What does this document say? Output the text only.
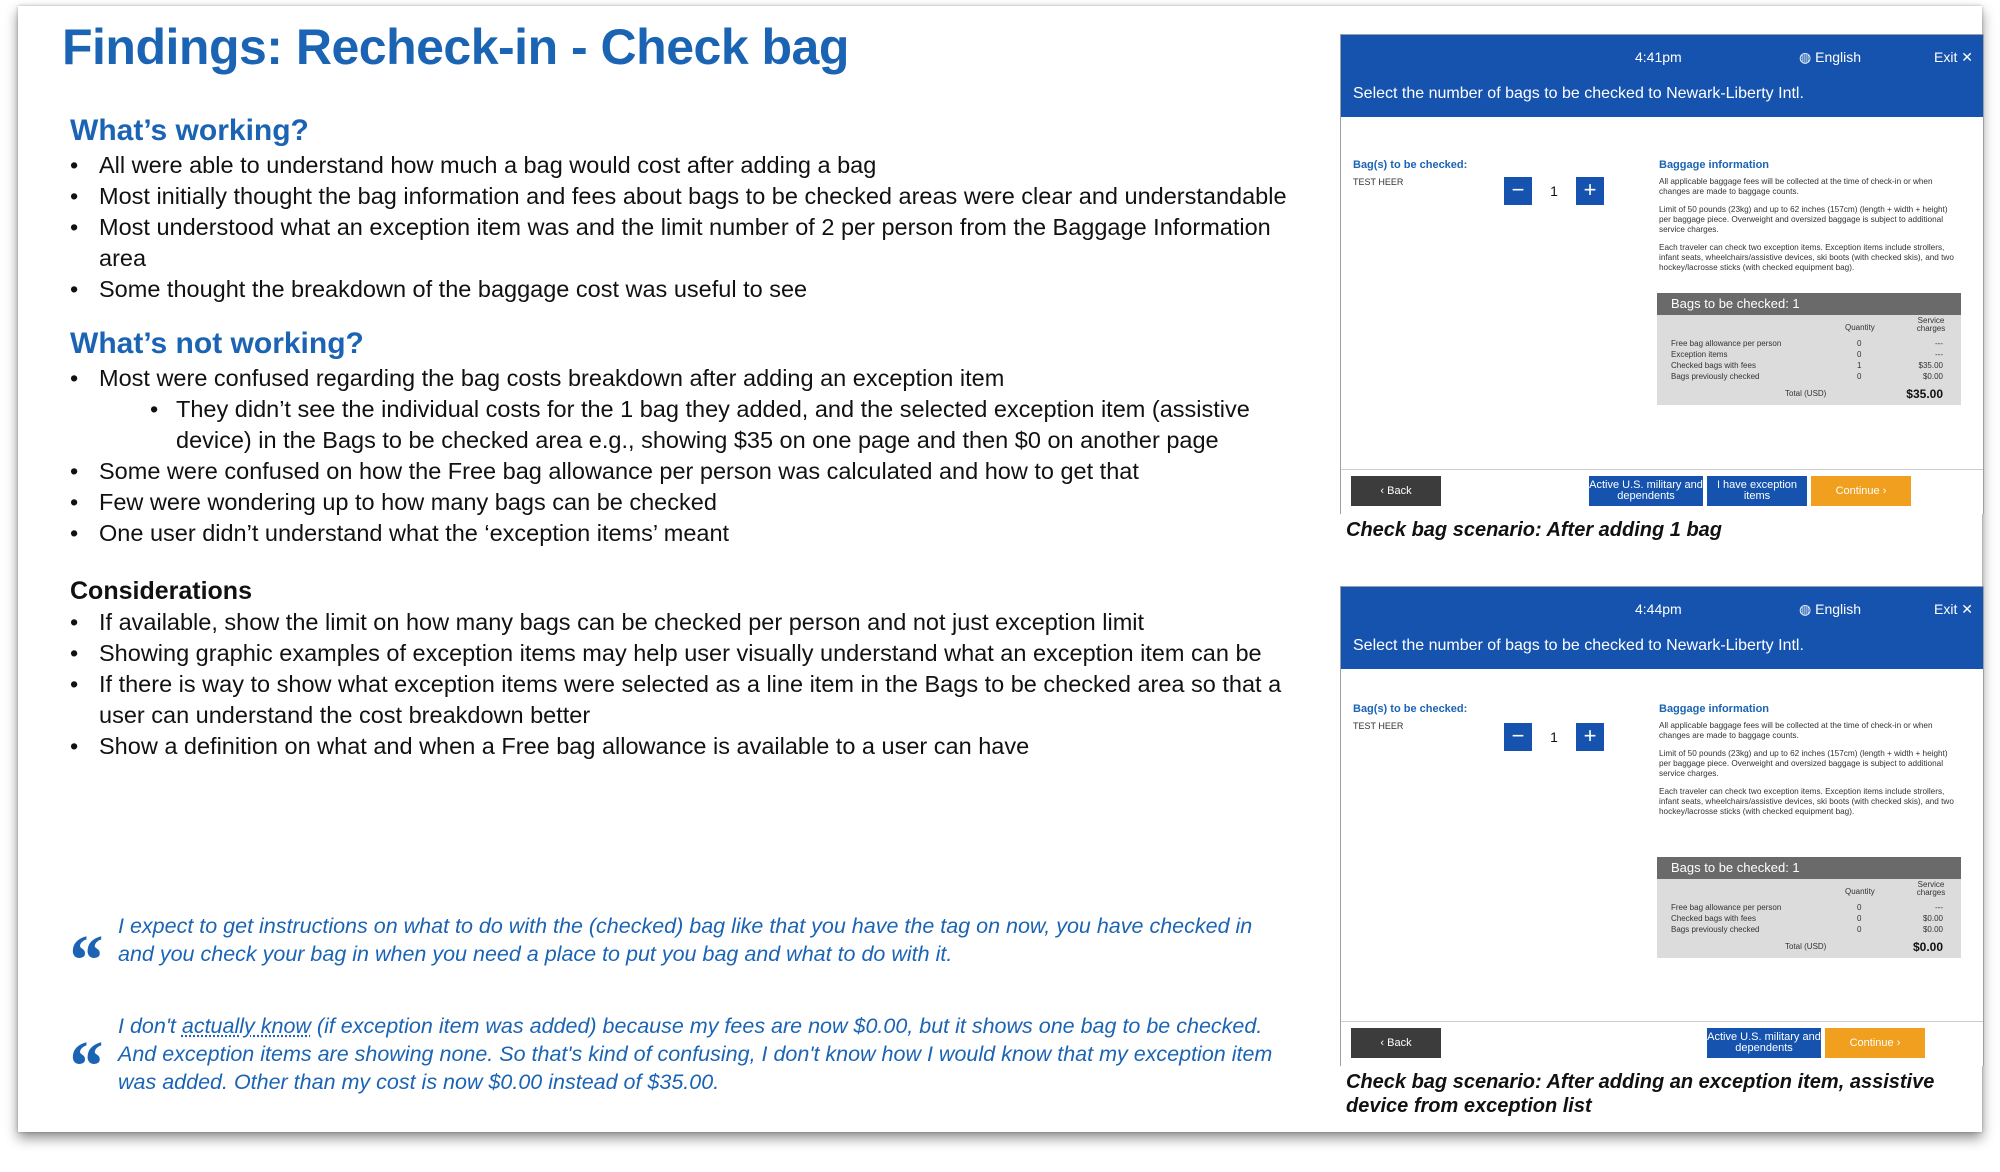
Findings: Recheck-in - Check bag
What’s working?
• All were able to understand how much a bag would cost after adding a bag
• Most initially thought the bag information and fees about bags to be checked areas were clear and understandable
• Most understood what an exception item was and the limit number of 2 per person from the Baggage Information area
• Some thought the breakdown of the baggage cost was useful to see
What’s not working?
• Most were confused regarding the bag costs breakdown after adding an exception item
• They didn’t see the individual costs for the 1 bag they added, and the selected exception item (assistive device) in the Bags to be checked area e.g., showing $35 on one page and then $0 on another page
• Some were confused on how the Free bag allowance per person was calculated and how to get that
• Few were wondering up to how many bags can be checked
• One user didn’t understand what the ‘exception items’ meant
Considerations
• If available, show the limit on how many bags can be checked per person and not just exception limit
• Showing graphic examples of exception items may help user visually understand what an exception item can be
• If there is way to show what exception items were selected as a line item in the Bags to be checked area so that a user can understand the cost breakdown better
• Show a definition on what and when a Free bag allowance is available to a user can have
“ I expect to get instructions on what to do with the (checked) bag like that you have the tag on now, you have checked in and you check your bag in when you need a place to put you bag and what to do with it.
“ I don't actually know (if exception item was added) because my fees are now $0.00, but it shows one bag to be checked. And exception items are showing none. So that's kind of confusing, I don't know how I would know that my exception item was added. Other than my cost is now $0.00 instead of $35.00.
4:41pm	◍ English	Exit ✕
Select the number of bags to be checked to Newark-Liberty Intl.
Bag(s) to be checked:
TEST HEER	−	1	+
Baggage information

All applicable baggage fees will be collected at the time of check-in or when changes are made to baggage counts.

Limit of 50 pounds (23kg) and up to 62 inches (157cm) (length + width + height) per baggage piece. Overweight and oversized baggage is subject to additional service charges.

Each traveler can check two exception items. Exception items include strollers, infant seats, wheelchairs/assistive devices, ski boots (with checked skis), and two hockey/lacrosse sticks (with checked equipment bag).

Bags to be checked: 1
Quantity
Service charges
Free bag allowance per person	0	---
Exception items	0	---
Checked bags with fees	1	$35.00
Bags previously checked	0	$0.00
Total (USD)	$35.00
‹
Back	Active U.S. military and dependents
I have exception items	Continue
›
Check bag scenario: After adding 1 bag
4:44pm	◍ English	Exit ✕
Select the number of bags to be checked to Newark-Liberty Intl.
Bag(s) to be checked:
TEST HEER	−	1	+
Baggage information

All applicable baggage fees will be collected at the time of check-in or when changes are made to baggage counts.

Limit of 50 pounds (23kg) and up to 62 inches (157cm) (length + width + height) per baggage piece. Overweight and oversized baggage is subject to additional service charges.

Each traveler can check two exception items. Exception items include strollers, infant seats, wheelchairs/assistive devices, ski boots (with checked skis), and two hockey/lacrosse sticks (with checked equipment bag).

Bags to be checked: 1
Quantity
Service charges
Free bag allowance per person	0	---
Checked bags with fees	0	$0.00
Bags previously checked	0	$0.00
Total (USD)	$0.00
‹
Back	Active U.S. military and dependents	Continue
›
Check bag scenario: After adding an exception item, assistive device from exception list
